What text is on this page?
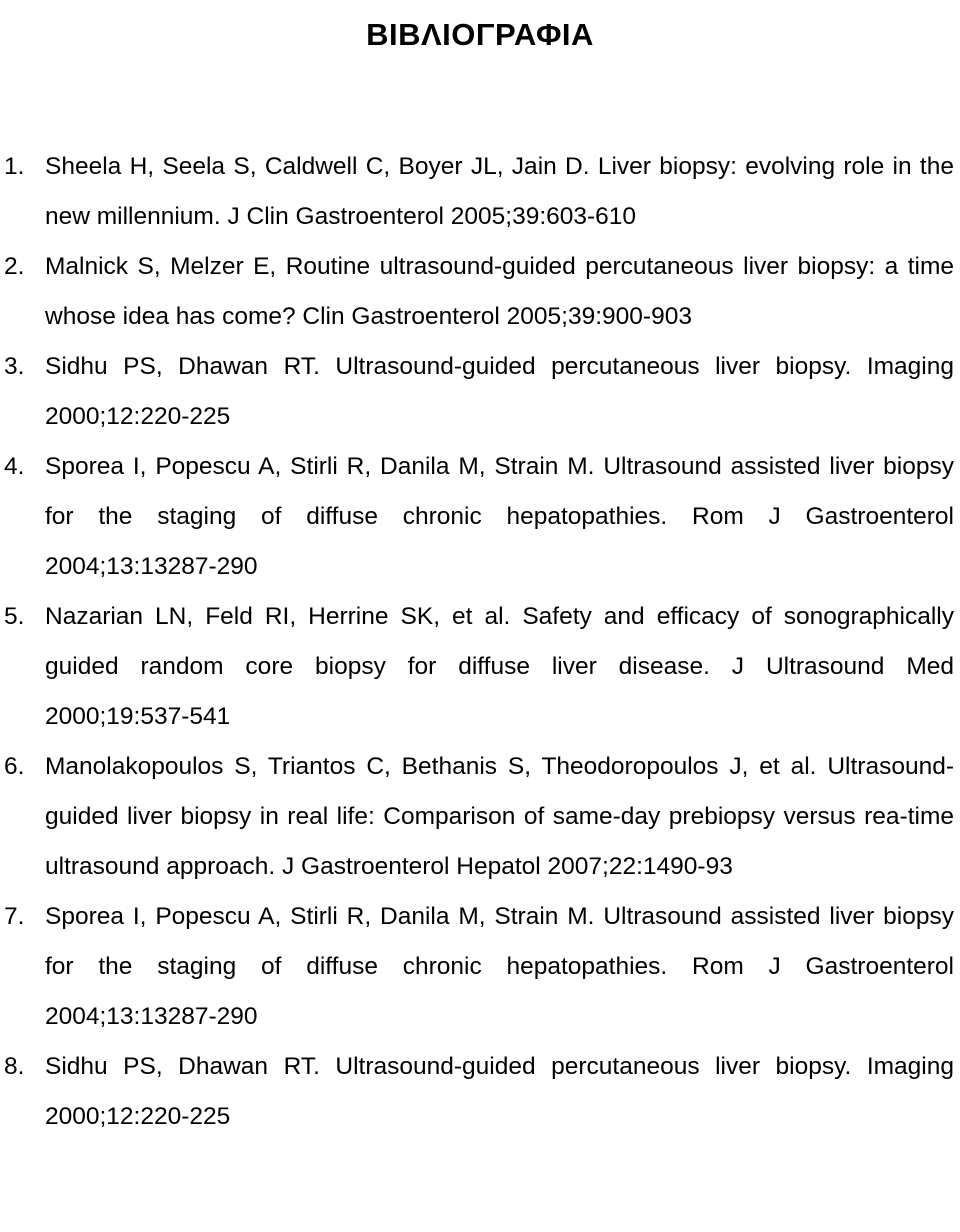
ΒΙΒΛΙΟΓΡΑΦΙΑ
1. Sheela H, Seela S, Caldwell C, Boyer JL, Jain D. Liver biopsy: evolving role in the new millennium. J Clin Gastroenterol 2005;39:603-610
2. Malnick S, Melzer E, Routine ultrasound-guided percutaneous liver biopsy: a time whose idea has come? Clin Gastroenterol 2005;39:900-903
3. Sidhu PS, Dhawan RT. Ultrasound-guided percutaneous liver biopsy. Imaging 2000;12:220-225
4. Sporea I, Popescu A, Stirli R, Danila M, Strain M. Ultrasound assisted liver biopsy for the staging of diffuse chronic hepatopathies. Rom J Gastroenterol 2004;13:13287-290
5. Nazarian LN, Feld RI, Herrine SK, et al. Safety and efficacy of sonographically guided random core biopsy for diffuse liver disease. J Ultrasound Med 2000;19:537-541
6. Manolakopoulos S, Triantos C, Bethanis S, Theodoropoulos J, et al. Ultrasound-guided liver biopsy in real life: Comparison of same-day prebiopsy versus rea-time ultrasound approach. J Gastroenterol Hepatol 2007;22:1490-93
7. Sporea I, Popescu A, Stirli R, Danila M, Strain M. Ultrasound assisted liver biopsy for the staging of diffuse chronic hepatopathies. Rom J Gastroenterol 2004;13:13287-290
8. Sidhu PS, Dhawan RT. Ultrasound-guided percutaneous liver biopsy. Imaging 2000;12:220-225
